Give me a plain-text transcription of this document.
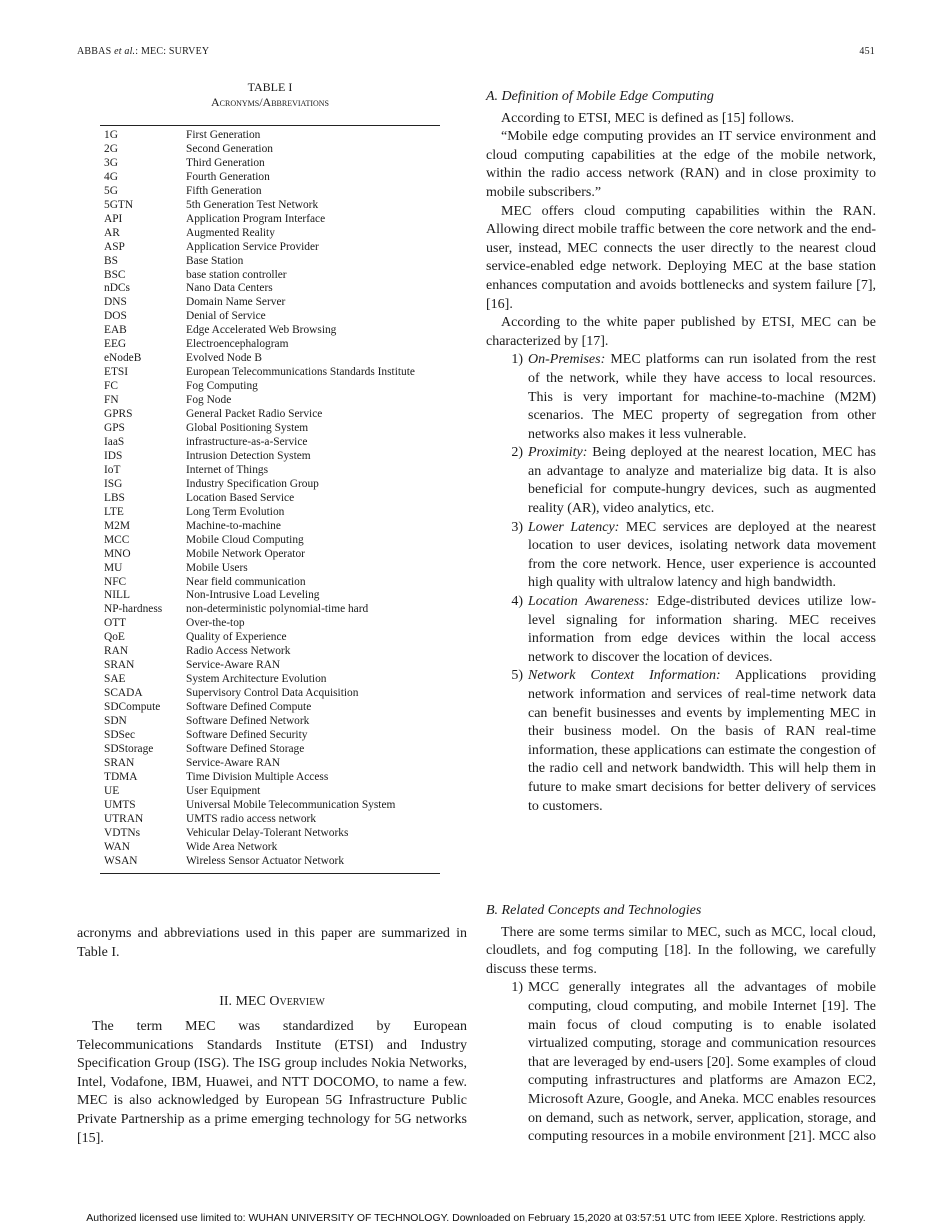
ABBAS et al.: MEC: SURVEY	451
TABLE I
Acronyms/Abbreviations
1G	First Generation
2G	Second Generation
3G	Third Generation
4G	Fourth Generation
5G	Fifth Generation
5GTN	5th Generation Test Network
API	Application Program Interface
AR	Augmented Reality
ASP	Application Service Provider
BS	Base Station
BSC	base station controller
nDCs	Nano Data Centers
DNS	Domain Name Server
DOS	Denial of Service
EAB	Edge Accelerated Web Browsing
EEG	Electroencephalogram
eNodeB	Evolved Node B
ETSI	European Telecommunications Standards Institute
FC	Fog Computing
FN	Fog Node
GPRS	General Packet Radio Service
GPS	Global Positioning System
IaaS	infrastructure-as-a-Service
IDS	Intrusion Detection System
IoT	Internet of Things
ISG	Industry Specification Group
LBS	Location Based Service
LTE	Long Term Evolution
M2M	Machine-to-machine
MCC	Mobile Cloud Computing
MNO	Mobile Network Operator
MU	Mobile Users
NFC	Near field communication
NILL	Non-Intrusive Load Leveling
NP-hardness	non-deterministic polynomial-time hard
OTT	Over-the-top
QoE	Quality of Experience
RAN	Radio Access Network
SRAN	Service-Aware RAN
SAE	System Architecture Evolution
SCADA	Supervisory Control Data Acquisition
SDCompute	Software Defined Compute
SDN	Software Defined Network
SDSec	Software Defined Security
SDStorage	Software Defined Storage
SRAN	Service-Aware RAN
TDMA	Time Division Multiple Access
UE	User Equipment
UMTS	Universal Mobile Telecommunication System
UTRAN	UMTS radio access network
VDTNs	Vehicular Delay-Tolerant Networks
WAN	Wide Area Network
WSAN	Wireless Sensor Actuator Network

acronyms and abbreviations used in this paper are summarized in Table I.

II. MEC Overview

The term MEC was standardized by European Telecommunications Standards Institute (ETSI) and Industry Specification Group (ISG). The ISG group includes Nokia Networks, Intel, Vodafone, IBM, Huawei, and NTT DOCOMO, to name a few. MEC is also acknowledged by European 5G Infrastructure Public Private Partnership as a prime emerging technology for 5G networks [15].

A. Definition of Mobile Edge Computing

According to ETSI, MEC is defined as [15] follows.

“Mobile edge computing provides an IT service environment and cloud computing capabilities at the edge of the mobile network, within the radio access network (RAN) and in close proximity to mobile subscribers.”

MEC offers cloud computing capabilities within the RAN. Allowing direct mobile traffic between the core network and the end-user, instead, MEC connects the user directly to the nearest cloud service-enabled edge network. Deploying MEC at the base station enhances computation and avoids bottlenecks and system failure [7], [16].

According to the white paper published by ETSI, MEC can be characterized by [17].

1) On-Premises: MEC platforms can run isolated from the rest of the network, while they have access to local resources. This is very important for machine-to-machine (M2M) scenarios. The MEC property of segregation from other networks also makes it less vulnerable.
2) Proximity: Being deployed at the nearest location, MEC has an advantage to analyze and materialize big data. It is also beneficial for compute-hungry devices, such as augmented reality (AR), video analytics, etc.
3) Lower Latency: MEC services are deployed at the nearest location to user devices, isolating network data movement from the core network. Hence, user experience is accounted high quality with ultralow latency and high bandwidth.
4) Location Awareness: Edge-distributed devices utilize low-level signaling for information sharing. MEC receives information from edge devices within the local access network to discover the location of devices.
5) Network Context Information: Applications providing network information and services of real-time network data can benefit businesses and events by implementing MEC in their business model. On the basis of RAN real-time information, these applications can estimate the congestion of the radio cell and network bandwidth. This will help them in future to make smart decisions for better delivery of services to customers.

B. Related Concepts and Technologies

There are some terms similar to MEC, such as MCC, local cloud, cloudlets, and fog computing [18]. In the following, we carefully discuss these terms.

1) MCC generally integrates all the advantages of mobile computing, cloud computing, and mobile Internet [19]. The main focus of cloud computing is to enable isolated virtualized computing, storage and communication resources that are leveraged by end-users [20]. Some examples of cloud computing infrastructures and platforms are Amazon EC2, Microsoft Azure, Google, and Aneka. MCC enables resources on demand, such as network, server, application, storage, and computing resources in a mobile environment [21]. MCC also
Authorized licensed use limited to: WUHAN UNIVERSITY OF TECHNOLOGY. Downloaded on February 15,2020 at 03:57:51 UTC from IEEE Xplore. Restrictions apply.
